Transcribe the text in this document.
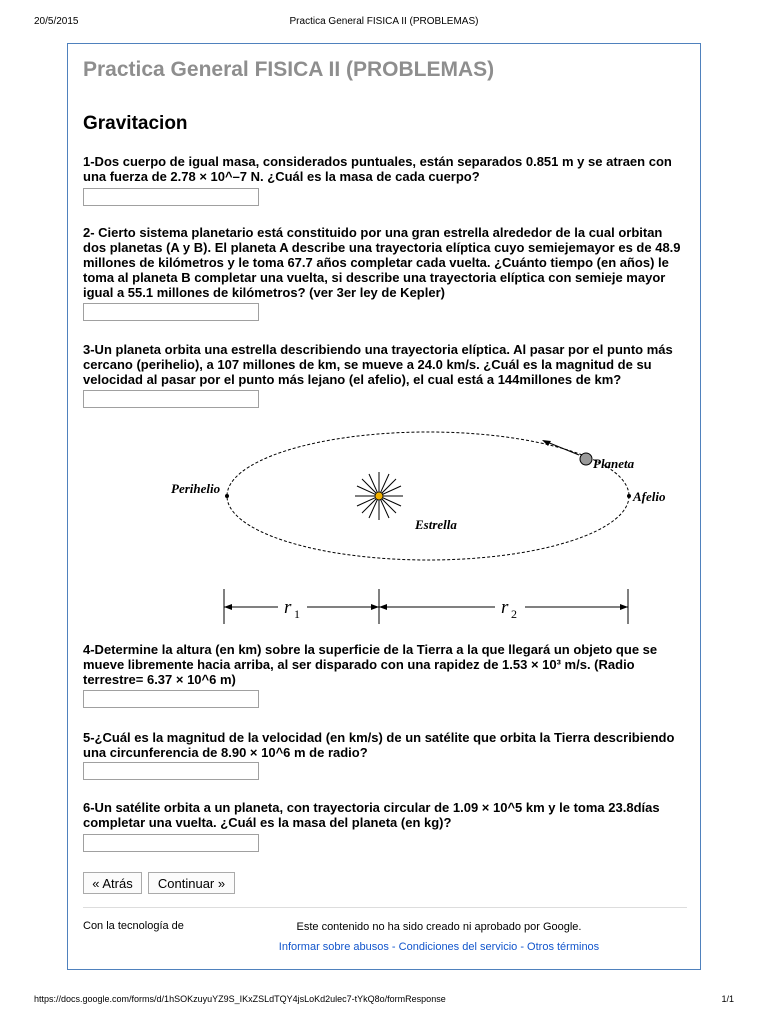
20/5/2015	Practica General FISICA II (PROBLEMAS)
Practica General FISICA II (PROBLEMAS)
Gravitacion

1-Dos cuerpo de igual masa, considerados puntuales, están separados 0.851 m y se atraen con una fuerza de 2.78 × 10^–7 N. ¿Cuál es la masa de cada cuerpo?

2- Cierto sistema planetario está constituido por una gran estrella alrededor de la cual orbitan dos planetas (A y B). El planeta A describe una trayectoria elíptica cuyo semiejemayor es de 48.9 millones de kilómetros y le toma 67.7 años completar cada vuelta. ¿Cuánto tiempo (en años) le toma al planeta B completar una vuelta, si describe una trayectoria elíptica con semieje mayor igual a 55.1 millones de kilómetros? (ver 3er ley de Kepler)

3-Un planeta orbita una estrella describiendo una trayectoria elíptica. Al pasar por el punto más cercano (perihelio), a 107 millones de km, se mueve a 24.0 km/s. ¿Cuál es la magnitud de su velocidad al pasar por el punto más lejano (el afelio), el cual está a 144millones de km?

Perihelio
Afelio
Planeta
Estrella
r 1	r 2

4-Determine la altura (en km) sobre la superficie de la Tierra a la que llegará un objeto que se mueve libremente hacia arriba, al ser disparado con una rapidez de 1.53 × 10³ m/s. (Radio terrestre= 6.37 × 10^6 m)

5-¿Cuál es la magnitud de la velocidad (en km/s) de un satélite que orbita la Tierra describiendo una circunferencia de 8.90 × 10^6 m de radio?

6-Un satélite orbita a un planeta, con trayectoria circular de 1.09 × 10^5 km y le toma 23.8días completar una vuelta. ¿Cuál es la masa del planeta (en kg)?

« Atrás	Continuar »
Con la tecnología de	Este contenido no ha sido creado ni aprobado por Google.
Informar sobre abusos - Condiciones del servicio - Otros términos
https://docs.google.com/forms/d/1hSOKzuyuYZ9S_IKxZSLdTQY4jsLoKd2ulec7-tYkQ8o/formResponse	1/1
